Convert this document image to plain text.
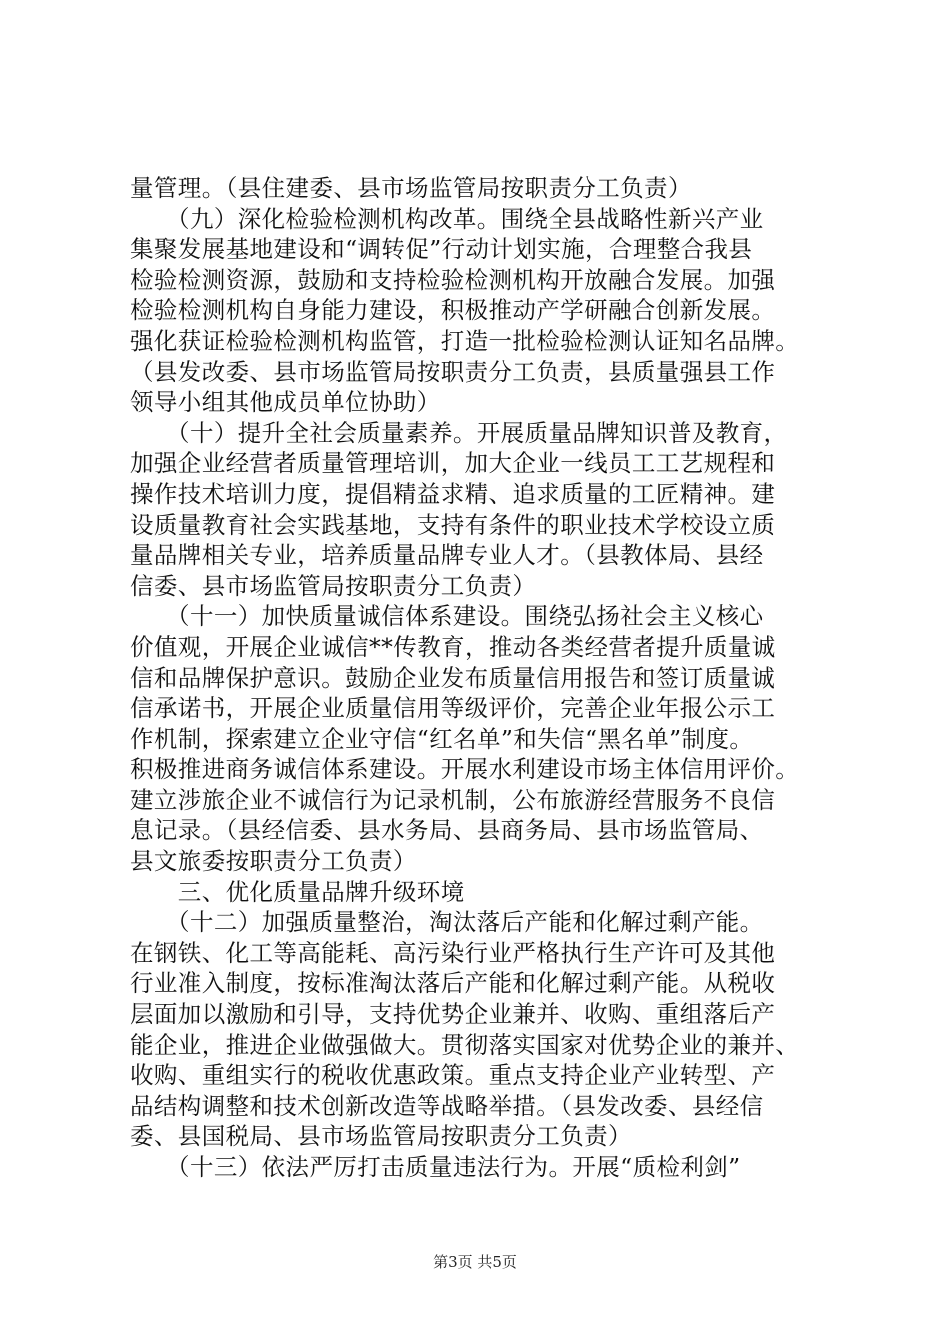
量管理。（县住建委、县市场监管局按职责分工负责）
　　（九）深化检验检测机构改革。围绕全县战略性新兴产业
集聚发展基地建设和“调转促”行动计划实施，合理整合我县
检验检测资源，鼓励和支持检验检测机构开放融合发展。加强
检验检测机构自身能力建设，积极推动产学研融合创新发展。
强化获证检验检测机构监管，打造一批检验检测认证知名品牌。
（县发改委、县市场监管局按职责分工负责，县质量强县工作
领导小组其他成员单位协助）
　　（十）提升全社会质量素养。开展质量品牌知识普及教育，
加强企业经营者质量管理培训，加大企业一线员工工艺规程和
操作技术培训力度，提倡精益求精、追求质量的工匠精神。建
设质量教育社会实践基地，支持有条件的职业技术学校设立质
量品牌相关专业，培养质量品牌专业人才。（县教体局、县经
信委、县市场监管局按职责分工负责）
　　（十一）加快质量诚信体系建设。围绕弘扬社会主义核心
价值观，开展企业诚信**传教育，推动各类经营者提升质量诚
信和品牌保护意识。鼓励企业发布质量信用报告和签订质量诚
信承诺书，开展企业质量信用等级评价，完善企业年报公示工
作机制，探索建立企业守信“红名单”和失信“黑名单”制度。
积极推进商务诚信体系建设。开展水利建设市场主体信用评价。
建立涉旅企业不诚信行为记录机制，公布旅游经营服务不良信
息记录。（县经信委、县水务局、县商务局、县市场监管局、
县文旅委按职责分工负责）
　　三、优化质量品牌升级环境
　　（十二）加强质量整治，淘汰落后产能和化解过剩产能。
在钢铁、化工等高能耗、高污染行业严格执行生产许可及其他
行业准入制度，按标准淘汰落后产能和化解过剩产能。从税收
层面加以激励和引导，支持优势企业兼并、收购、重组落后产
能企业，推进企业做强做大。贯彻落实国家对优势企业的兼并、
收购、重组实行的税收优惠政策。重点支持企业产业转型、产
品结构调整和技术创新改造等战略举措。（县发改委、县经信
委、县国税局、县市场监管局按职责分工负责）
　　（十三）依法严厉打击质量违法行为。开展“质检利剑”
第3页 共5页
